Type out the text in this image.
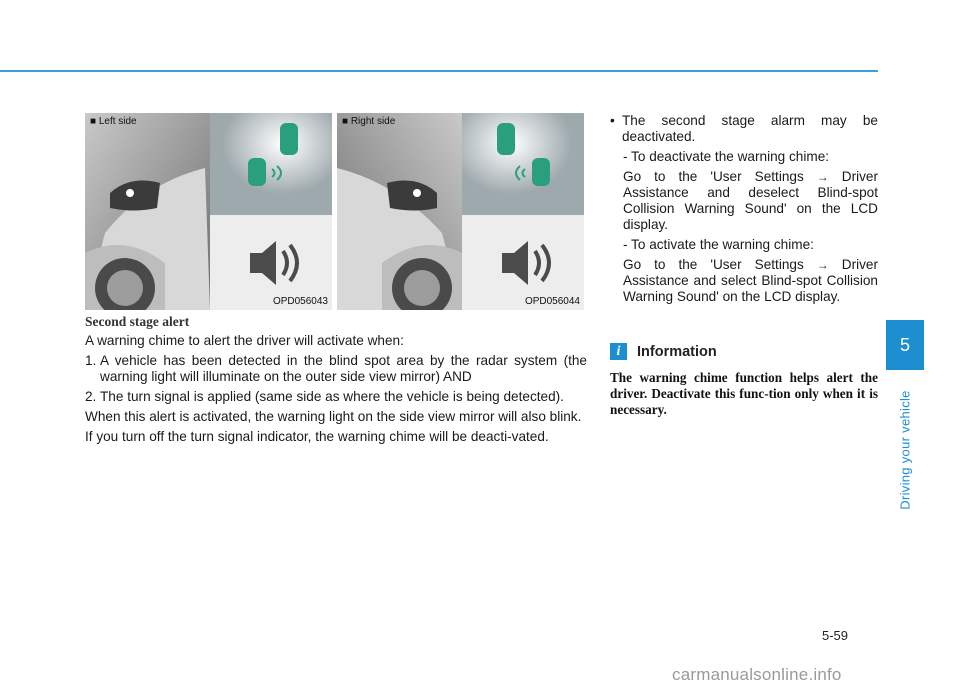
5
Driving your vehicle
■ Left side
OPD056043
■ Right side
OPD056044
Second stage alert

A warning chime to alert the driver will activate when:

1. A vehicle has been detected in the blind spot area by the radar system (the warning light will illuminate on the outer side view mirror) AND
2. The turn signal is applied (same side as where the vehicle is being detected).

When this alert is activated, the warning light on the side view mirror will also blink.

If you turn off the turn signal indicator, the warning chime will be deacti-vated.

• The second stage alarm may be deactivated.
- To deactivate the warning chime:
Go to the 'User Settings → Driver Assistance and deselect Blind-spot Collision Warning Sound' on the LCD display.
- To activate the warning chime:
Go to the 'User Settings → Driver Assistance and select Blind-spot Collision Warning Sound' on the LCD display.
i	Information
The warning chime function helps alert the driver. Deactivate this func-tion only when it is necessary.
5-59
carmanualsonline.info
